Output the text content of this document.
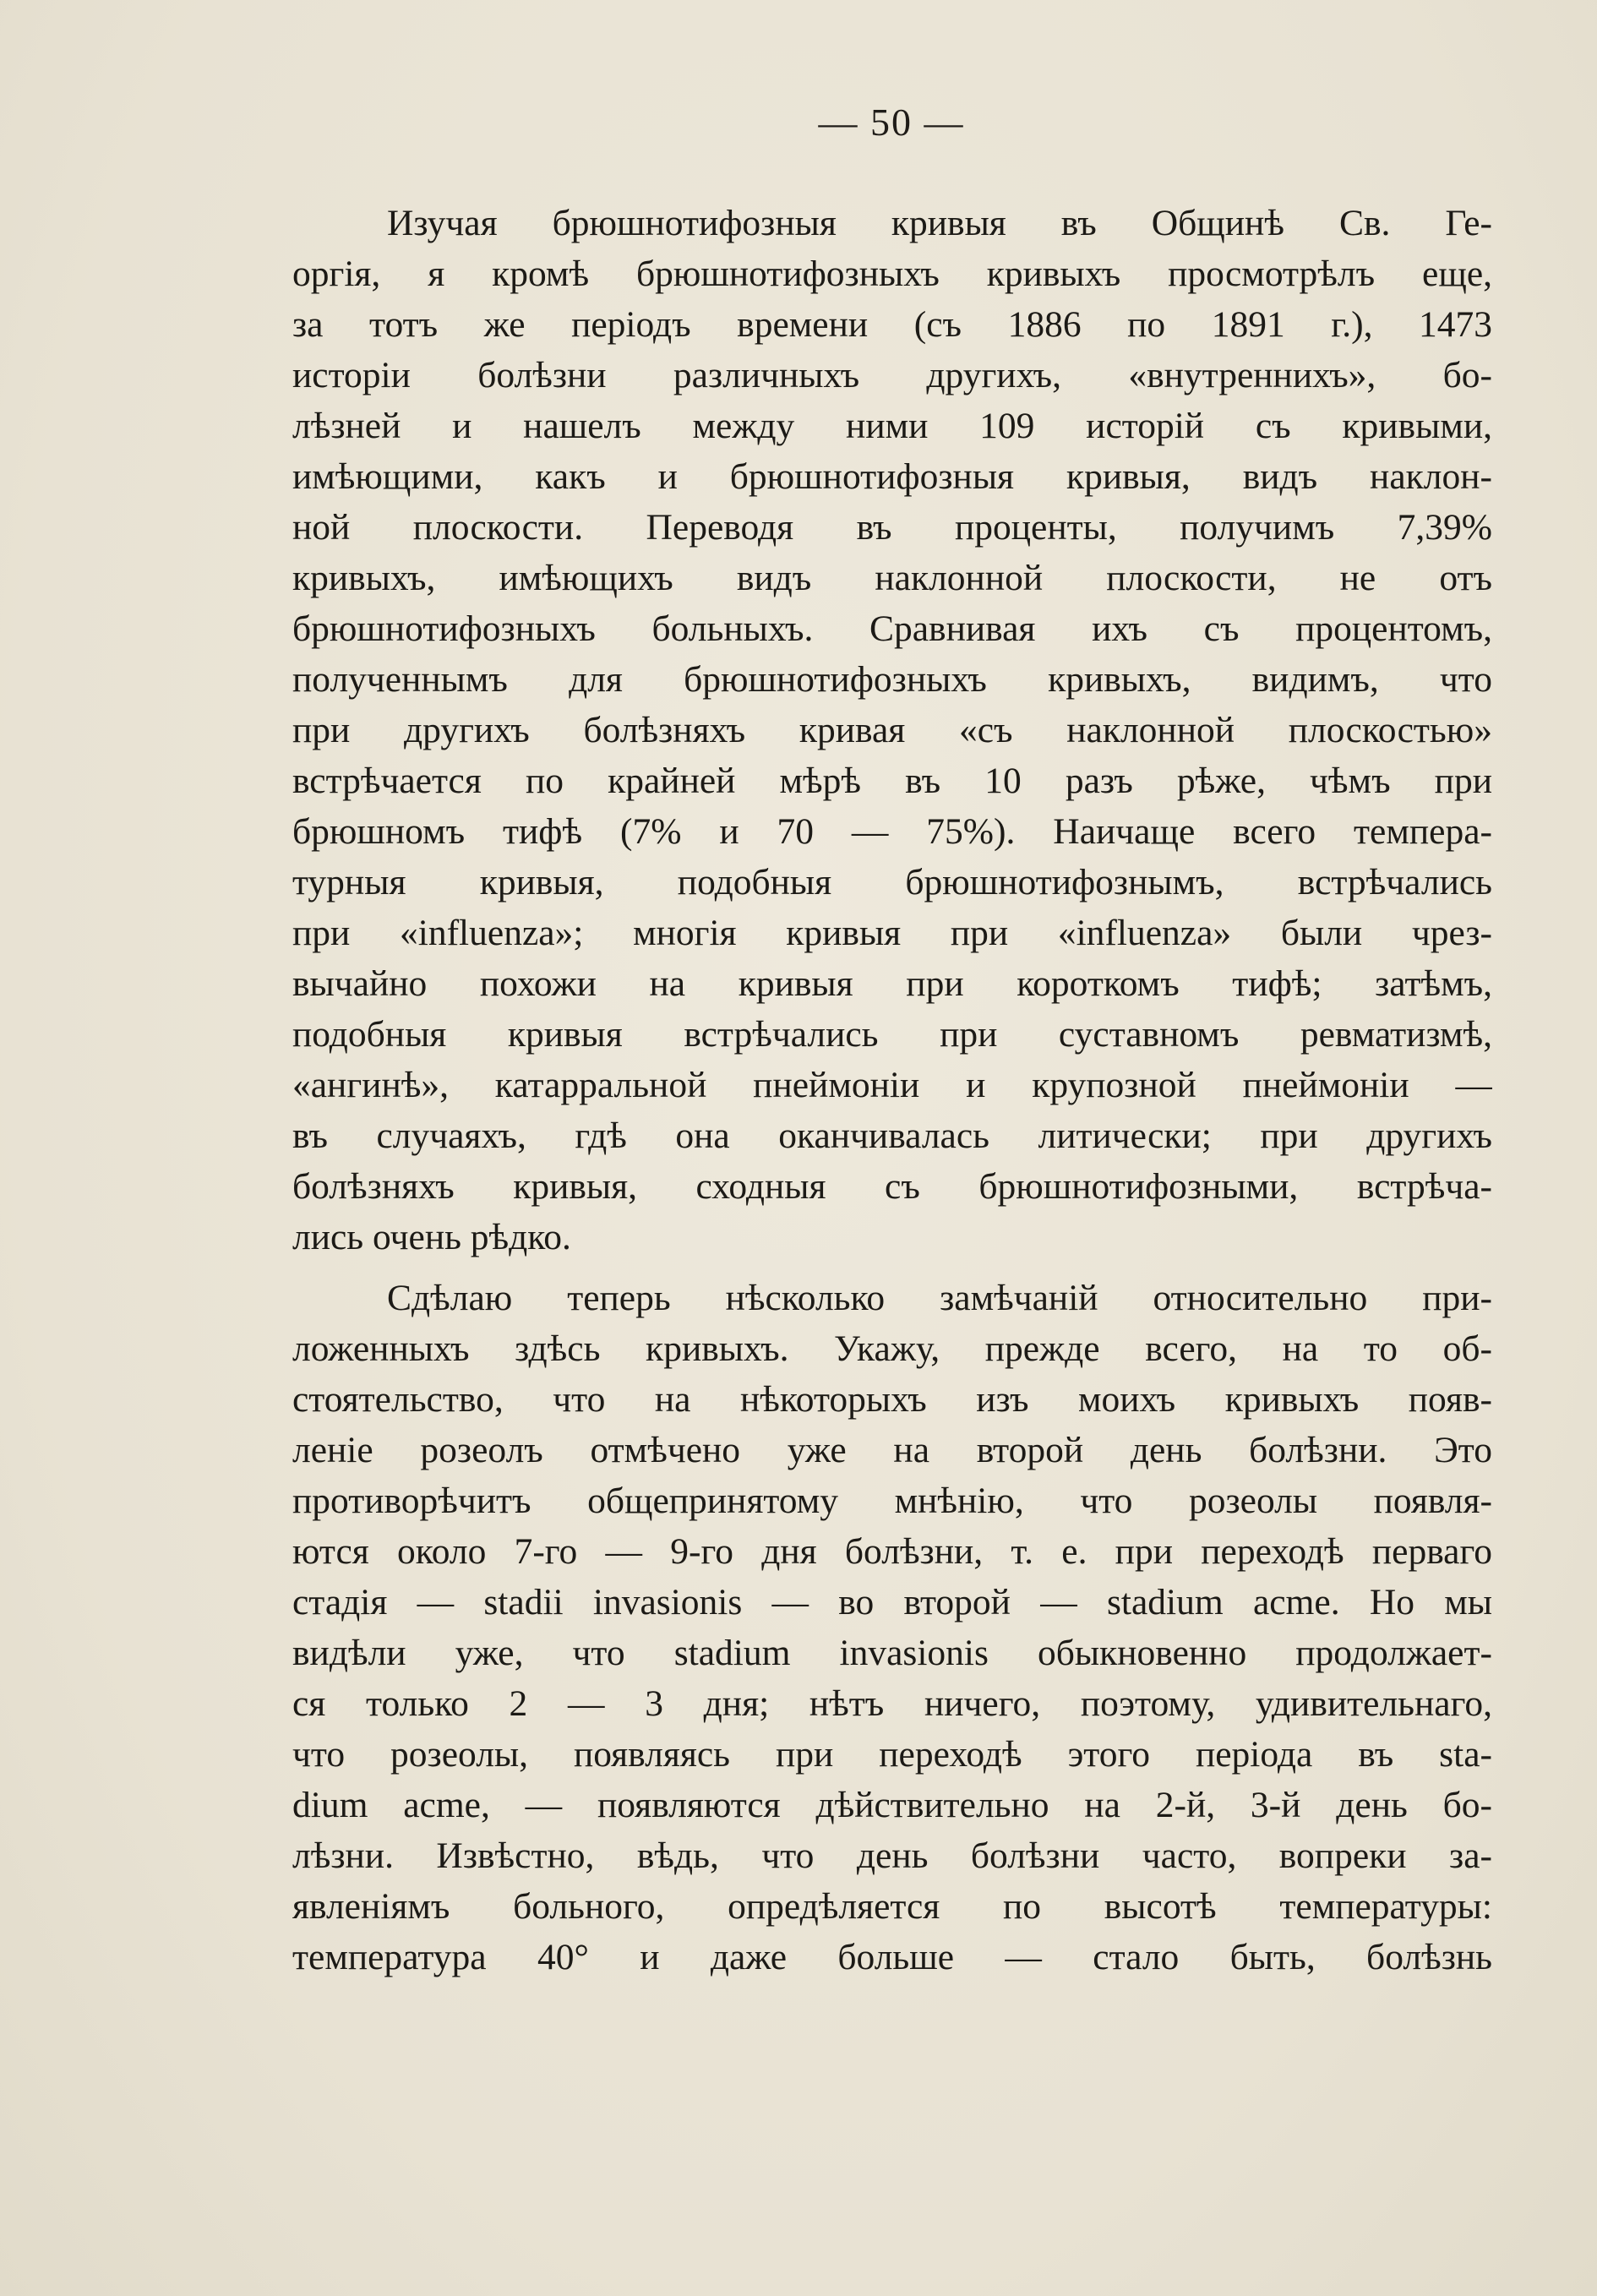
— 50 —
Изучая брюшнотифозныя кривыя въ Общинѣ Св. Ге-
оргія, я кромѣ брюшнотифозныхъ кривыхъ просмотрѣлъ еще,
за тотъ же періодъ времени (съ 1886 по 1891 г.), 1473
исторіи болѣзни различныхъ другихъ, «внутреннихъ», бо-
лѣзней и нашелъ между ними 109 исторій съ кривыми,
имѣющими, какъ и брюшнотифозныя кривыя, видъ наклон-
ной плоскости. Переводя въ проценты, получимъ 7,39%
кривыхъ, имѣющихъ видъ наклонной плоскости, не отъ
брюшнотифозныхъ больныхъ. Сравнивая ихъ съ процентомъ,
полученнымъ для брюшнотифозныхъ кривыхъ, видимъ, что
при другихъ болѣзняхъ кривая «съ наклонной плоскостью»
встрѣчается по крайней мѣрѣ въ 10 разъ рѣже, чѣмъ при
брюшномъ тифѣ (7% и 70 — 75%). Наичаще всего темпера-
турныя кривыя, подобныя брюшнотифознымъ, встрѣчались
при «influenza»; многія кривыя при «influenza» были чрез-
вычайно похожи на кривыя при короткомъ тифѣ; затѣмъ,
подобныя кривыя встрѣчались при суставномъ ревматизмѣ,
«ангинѣ», катарральной пнеймоніи и крупозной пнеймоніи —
въ случаяхъ, гдѣ она оканчивалась литически; при другихъ
болѣзняхъ кривыя, сходныя съ брюшнотифозными, встрѣча-
лись очень рѣдко.
Сдѣлаю теперь нѣсколько замѣчаній относительно при-
ложенныхъ здѣсь кривыхъ. Укажу, прежде всего, на то об-
стоятельство, что на нѣкоторыхъ изъ моихъ кривыхъ появ-
леніе розеолъ отмѣчено уже на второй день болѣзни. Это
противорѣчитъ общепринятому мнѣнію, что розеолы появля-
ются около 7-го — 9-го дня болѣзни, т. е. при переходѣ перваго
стадія — stadii invasionis — во второй — stadium acme. Но мы
видѣли уже, что stadium invasionis обыкновенно продолжает-
ся только 2 — 3 дня; нѣтъ ничего, поэтому, удивительнаго,
что розеолы, появляясь при переходѣ этого періода въ sta-
dium acme, — появляются дѣйствительно на 2-й, 3-й день бо-
лѣзни. Извѣстно, вѣдь, что день болѣзни часто, вопреки за-
явленіямъ больного, опредѣляется по высотѣ температуры:
температура 40° и даже больше — стало быть, болѣзнь
